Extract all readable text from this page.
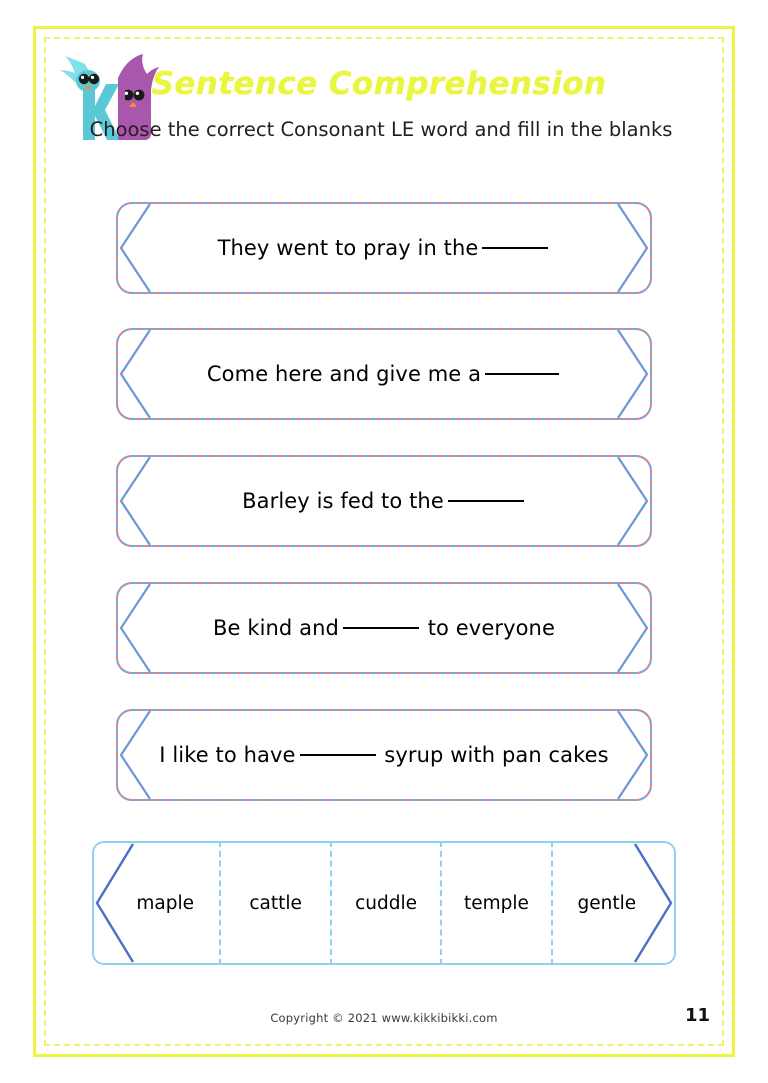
Sentence Comprehension
Choose the correct Consonant LE word and fill in the blanks
They went to pray in the
Come here and give me a
Barley is fed to the
Be kind and
	to everyone
I like to have
	syrup with pan cakes
maple	cattle	cuddle	temple	gentle
Copyright © 2021 www.kikkibikki.com	11
